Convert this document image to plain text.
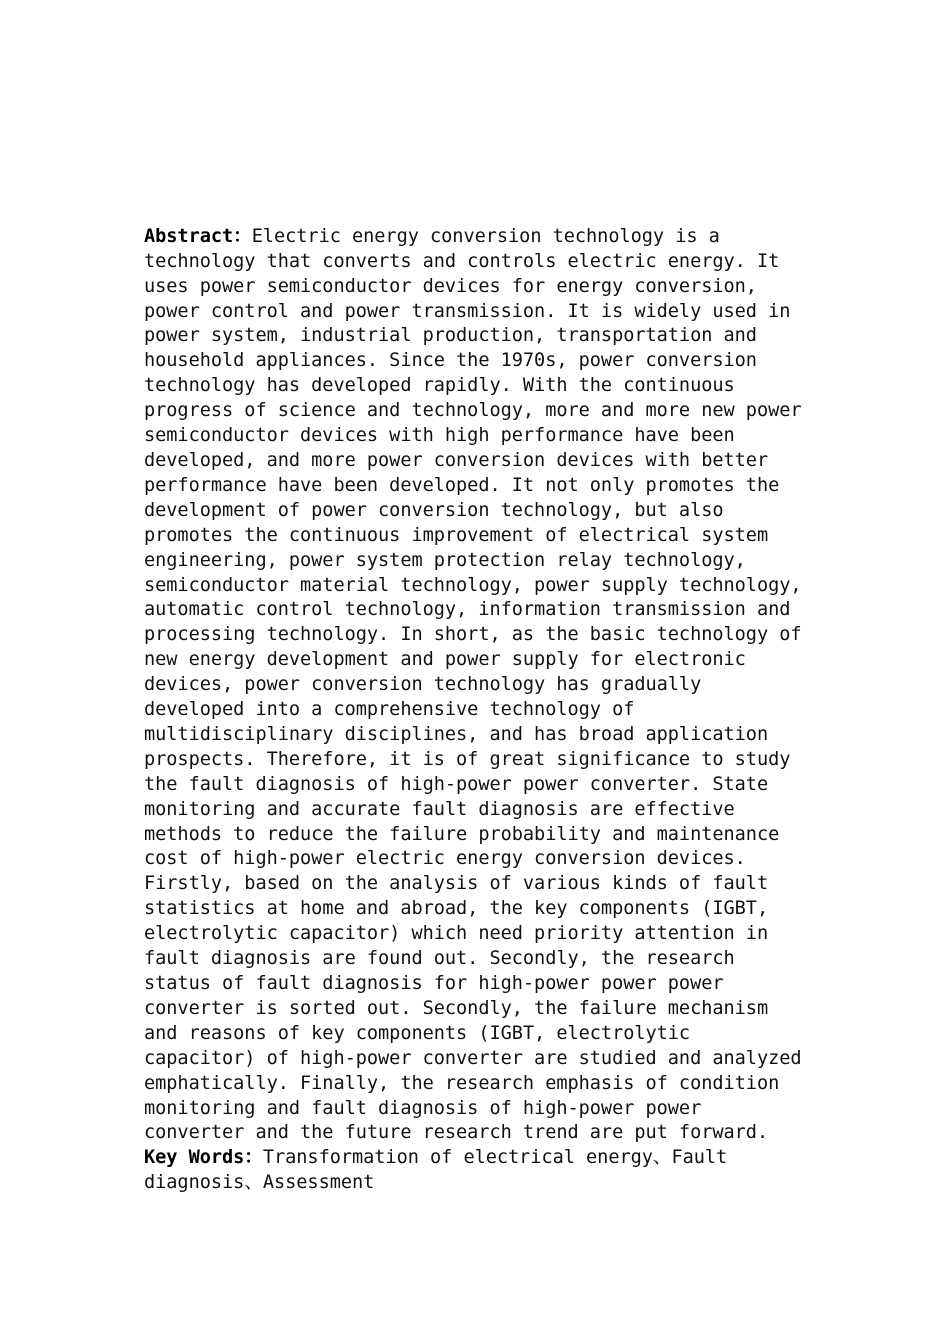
Abstract：Electric energy conversion technology is a
technology that converts and controls electric energy. It
uses power semiconductor devices for energy conversion,
power control and power transmission. It is widely used in
power system, industrial production, transportation and
household appliances. Since the 1970s, power conversion
technology has developed rapidly. With the continuous
progress of science and technology, more and more new power
semiconductor devices with high performance have been
developed, and more power conversion devices with better
performance have been developed. It not only promotes the
development of power conversion technology, but also
promotes the continuous improvement of electrical system
engineering, power system protection relay technology,
semiconductor material technology, power supply technology,
automatic control technology, information transmission and
processing technology. In short, as the basic technology of
new energy development and power supply for electronic
devices, power conversion technology has gradually
developed into a comprehensive technology of
multidisciplinary disciplines, and has broad application
prospects. Therefore, it is of great significance to study
the fault diagnosis of high-power power converter. State
monitoring and accurate fault diagnosis are effective
methods to reduce the failure probability and maintenance
cost of high-power electric energy conversion devices.
Firstly, based on the analysis of various kinds of fault
statistics at home and abroad, the key components (IGBT,
electrolytic capacitor) which need priority attention in
fault diagnosis are found out. Secondly, the research
status of fault diagnosis for high-power power power
converter is sorted out. Secondly, the failure mechanism
and reasons of key components (IGBT, electrolytic
capacitor) of high-power converter are studied and analyzed
emphatically. Finally, the research emphasis of condition
monitoring and fault diagnosis of high-power power
converter and the future research trend are put forward.
Key Words：Transformation of electrical energy、Fault
diagnosis、Assessment
